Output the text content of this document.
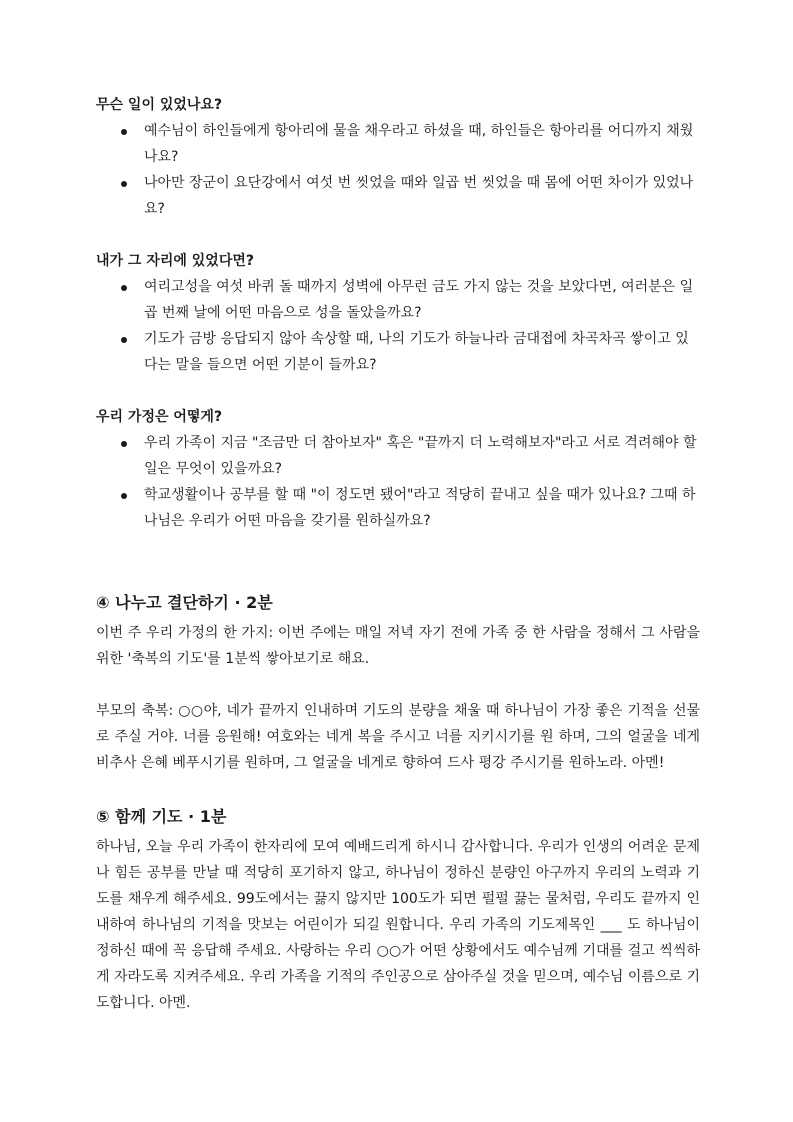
무슨 일이 있었나요?

예수님이 하인들에게 항아리에 물을 채우라고 하셨을 때, 하인들은 항아리를 어디까지 채웠나요?
나아만 장군이 요단강에서 여섯 번 씻었을 때와 일곱 번 씻었을 때 몸에 어떤 차이가 있었나요?

내가 그 자리에 있었다면?

여리고성을 여섯 바퀴 돌 때까지 성벽에 아무런 금도 가지 않는 것을 보았다면, 여러분은 일곱 번째 날에 어떤 마음으로 성을 돌았을까요?
기도가 금방 응답되지 않아 속상할 때, 나의 기도가 하늘나라 금대접에 차곡차곡 쌓이고 있다는 말을 들으면 어떤 기분이 들까요?

우리 가정은 어떻게?

우리 가족이 지금 "조금만 더 참아보자" 혹은 "끝까지 더 노력해보자"라고 서로 격려해야 할 일은 무엇이 있을까요?
학교생활이나 공부를 할 때 "이 정도면 됐어"라고 적당히 끝내고 싶을 때가 있나요? 그때 하나님은 우리가 어떤 마음을 갖기를 원하실까요?

④ 나누고 결단하기 · 2분

이번 주 우리 가정의 한 가지: 이번 주에는 매일 저녁 자기 전에 가족 중 한 사람을 정해서 그 사람을 위한 '축복의 기도'를 1분씩 쌓아보기로 해요.

부모의 축복: ○○야, 네가 끝까지 인내하며 기도의 분량을 채울 때 하나님이 가장 좋은 기적을 선물로 주실 거야. 너를 응원해! 여호와는 네게 복을 주시고 너를 지키시기를 원 하며, 그의 얼굴을 네게 비추사 은혜 베푸시기를 원하며, 그 얼굴을 네게로 향하여 드사 평강 주시기를 원하노라. 아멘!

⑤ 함께 기도 · 1분

하나님, 오늘 우리 가족이 한자리에 모여 예배드리게 하시니 감사합니다. 우리가 인생의 어려운 문제나 힘든 공부를 만날 때 적당히 포기하지 않고, 하나님이 정하신 분량인 아구까지 우리의 노력과 기도를 채우게 해주세요. 99도에서는 끓지 않지만 100도가 되면 펄펄 끓는 물처럼, 우리도 끝까지 인내하여 하나님의 기적을 맛보는 어린이가 되길 원합니다. 우리 가족의 기도제목인 ___ 도 하나님이 정하신 때에 꼭 응답해 주세요. 사랑하는 우리 ○○가 어떤 상황에서도 예수님께 기대를 걸고 씩씩하게 자라도록 지켜주세요. 우리 가족을 기적의 주인공으로 삼아주실 것을 믿으며, 예수님 이름으로 기도합니다. 아멘.
